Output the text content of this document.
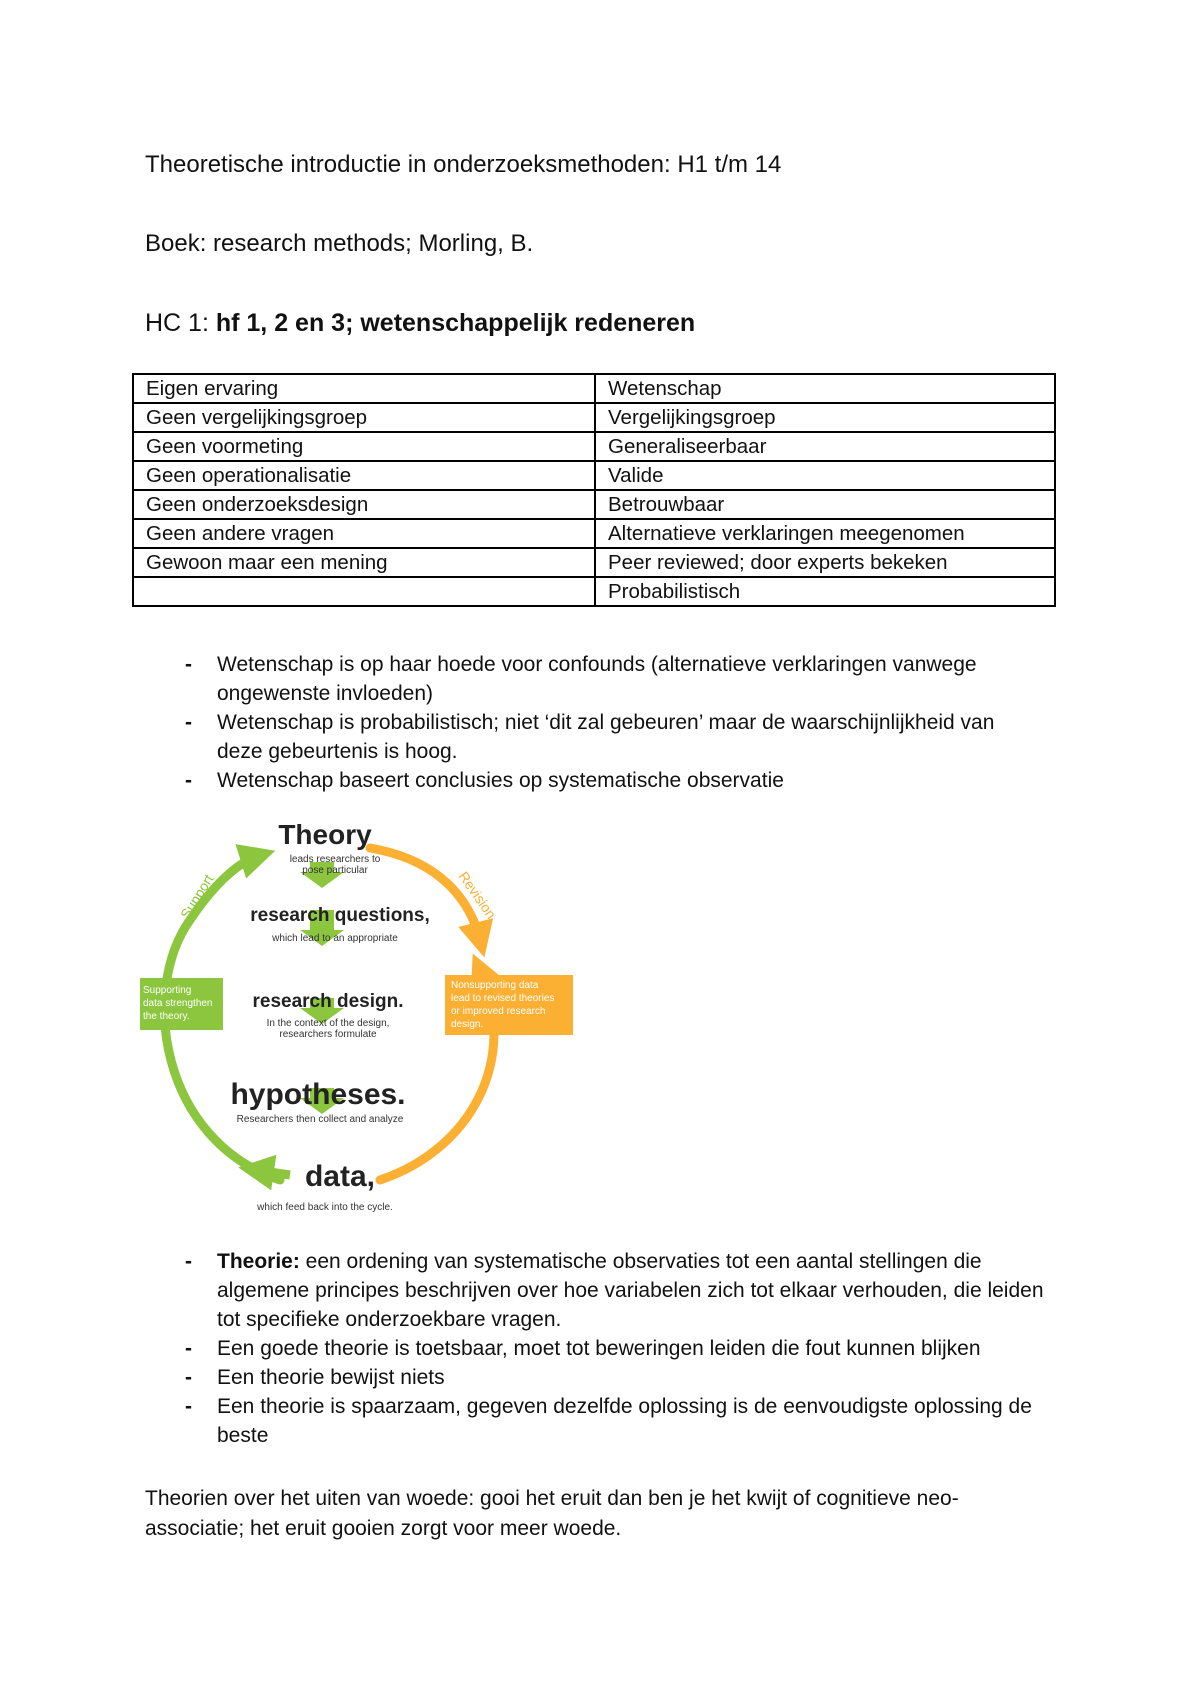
Theoretische introductie in onderzoeksmethoden: H1 t/m 14
Boek: research methods; Morling, B.
HC 1: hf 1, 2 en 3; wetenschappelijk redeneren
Eigen ervaring	Wetenschap
Geen vergelijkingsgroep	Vergelijkingsgroep
Geen voormeting	Generaliseerbaar
Geen operationalisatie	Valide
Geen onderzoeksdesign	Betrouwbaar
Geen andere vragen	Alternatieve verklaringen meegenomen
Gewoon maar een mening	Peer reviewed; door experts bekeken
	Probabilistisch
- Wetenschap is op haar hoede voor confounds (alternatieve verklaringen vanwege ongewenste invloeden)
- Wetenschap is probabilistisch; niet ‘dit zal gebeuren’ maar de waarschijnlijkheid van deze gebeurtenis is hoog.
- Wetenschap baseert conclusies op systematische observatie
Theory
leads researchers to
pose particular
research questions,
which lead to an appropriate
research design.
In the context of the design,
researchers formulate
hypotheses.
Researchers then collect and analyze
data,
which feed back into the cycle.
Support	Revision
Supporting
data strengthen
the theory.
Nonsupporting data
lead to revised theories
or improved research
design.
- Theorie: een ordening van systematische observaties tot een aantal stellingen die algemene principes beschrijven over hoe variabelen zich tot elkaar verhouden, die leiden tot specifieke onderzoekbare vragen.
- Een goede theorie is toetsbaar, moet tot beweringen leiden die fout kunnen blijken
- Een theorie bewijst niets
- Een theorie is spaarzaam, gegeven dezelfde oplossing is de eenvoudigste oplossing de beste
Theorien over het uiten van woede: gooi het eruit dan ben je het kwijt of cognitieve neo-associatie; het eruit gooien zorgt voor meer woede.
